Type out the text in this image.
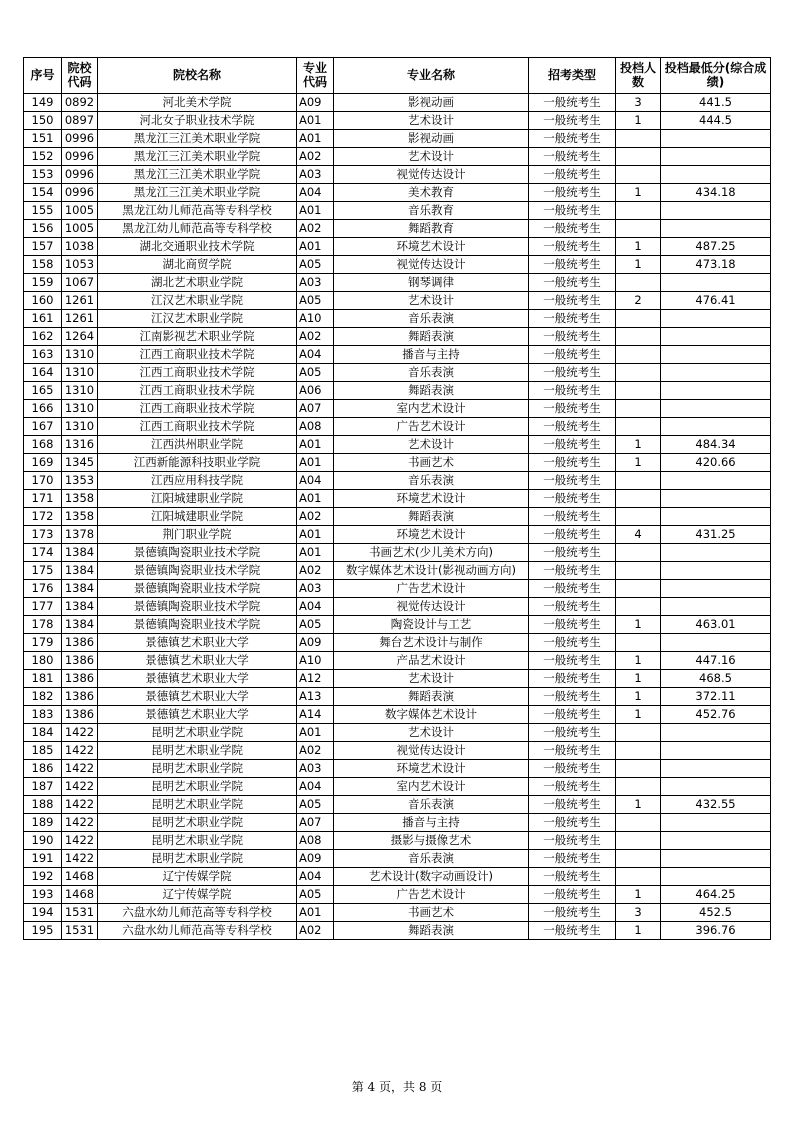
序号	院校代码	院校名称	专业代码	专业名称	招考类型	投档人数	投档最低分(综合成绩)
149	0892	河北美术学院	A09	影视动画	一般统考生	3	441.5
150	0897	河北女子职业技术学院	A01	艺术设计	一般统考生	1	444.5
151	0996	黑龙江三江美术职业学院	A01	影视动画	一般统考生		
152	0996	黑龙江三江美术职业学院	A02	艺术设计	一般统考生		
153	0996	黑龙江三江美术职业学院	A03	视觉传达设计	一般统考生		
154	0996	黑龙江三江美术职业学院	A04	美术教育	一般统考生	1	434.18
155	1005	黑龙江幼儿师范高等专科学校	A01	音乐教育	一般统考生		
156	1005	黑龙江幼儿师范高等专科学校	A02	舞蹈教育	一般统考生		
157	1038	湖北交通职业技术学院	A01	环境艺术设计	一般统考生	1	487.25
158	1053	湖北商贸学院	A05	视觉传达设计	一般统考生	1	473.18
159	1067	湖北艺术职业学院	A03	钢琴调律	一般统考生		
160	1261	江汉艺术职业学院	A05	艺术设计	一般统考生	2	476.41
161	1261	江汉艺术职业学院	A10	音乐表演	一般统考生		
162	1264	江南影视艺术职业学院	A02	舞蹈表演	一般统考生		
163	1310	江西工商职业技术学院	A04	播音与主持	一般统考生		
164	1310	江西工商职业技术学院	A05	音乐表演	一般统考生		
165	1310	江西工商职业技术学院	A06	舞蹈表演	一般统考生		
166	1310	江西工商职业技术学院	A07	室内艺术设计	一般统考生		
167	1310	江西工商职业技术学院	A08	广告艺术设计	一般统考生		
168	1316	江西洪州职业学院	A01	艺术设计	一般统考生	1	484.34
169	1345	江西新能源科技职业学院	A01	书画艺术	一般统考生	1	420.66
170	1353	江西应用科技学院	A04	音乐表演	一般统考生		
171	1358	江阳城建职业学院	A01	环境艺术设计	一般统考生		
172	1358	江阳城建职业学院	A02	舞蹈表演	一般统考生		
173	1378	荆门职业学院	A01	环境艺术设计	一般统考生	4	431.25
174	1384	景德镇陶瓷职业技术学院	A01	书画艺术(少儿美术方向)	一般统考生		
175	1384	景德镇陶瓷职业技术学院	A02	数字媒体艺术设计(影视动画方向)	一般统考生		
176	1384	景德镇陶瓷职业技术学院	A03	广告艺术设计	一般统考生		
177	1384	景德镇陶瓷职业技术学院	A04	视觉传达设计	一般统考生		
178	1384	景德镇陶瓷职业技术学院	A05	陶瓷设计与工艺	一般统考生	1	463.01
179	1386	景德镇艺术职业大学	A09	舞台艺术设计与制作	一般统考生		
180	1386	景德镇艺术职业大学	A10	产品艺术设计	一般统考生	1	447.16
181	1386	景德镇艺术职业大学	A12	艺术设计	一般统考生	1	468.5
182	1386	景德镇艺术职业大学	A13	舞蹈表演	一般统考生	1	372.11
183	1386	景德镇艺术职业大学	A14	数字媒体艺术设计	一般统考生	1	452.76
184	1422	昆明艺术职业学院	A01	艺术设计	一般统考生		
185	1422	昆明艺术职业学院	A02	视觉传达设计	一般统考生		
186	1422	昆明艺术职业学院	A03	环境艺术设计	一般统考生		
187	1422	昆明艺术职业学院	A04	室内艺术设计	一般统考生		
188	1422	昆明艺术职业学院	A05	音乐表演	一般统考生	1	432.55
189	1422	昆明艺术职业学院	A07	播音与主持	一般统考生		
190	1422	昆明艺术职业学院	A08	摄影与摄像艺术	一般统考生		
191	1422	昆明艺术职业学院	A09	音乐表演	一般统考生		
192	1468	辽宁传媒学院	A04	艺术设计(数字动画设计)	一般统考生		
193	1468	辽宁传媒学院	A05	广告艺术设计	一般统考生	1	464.25
194	1531	六盘水幼儿师范高等专科学校	A01	书画艺术	一般统考生	3	452.5
195	1531	六盘水幼儿师范高等专科学校	A02	舞蹈表演	一般统考生	1	396.76
第 4 页，共 8 页
